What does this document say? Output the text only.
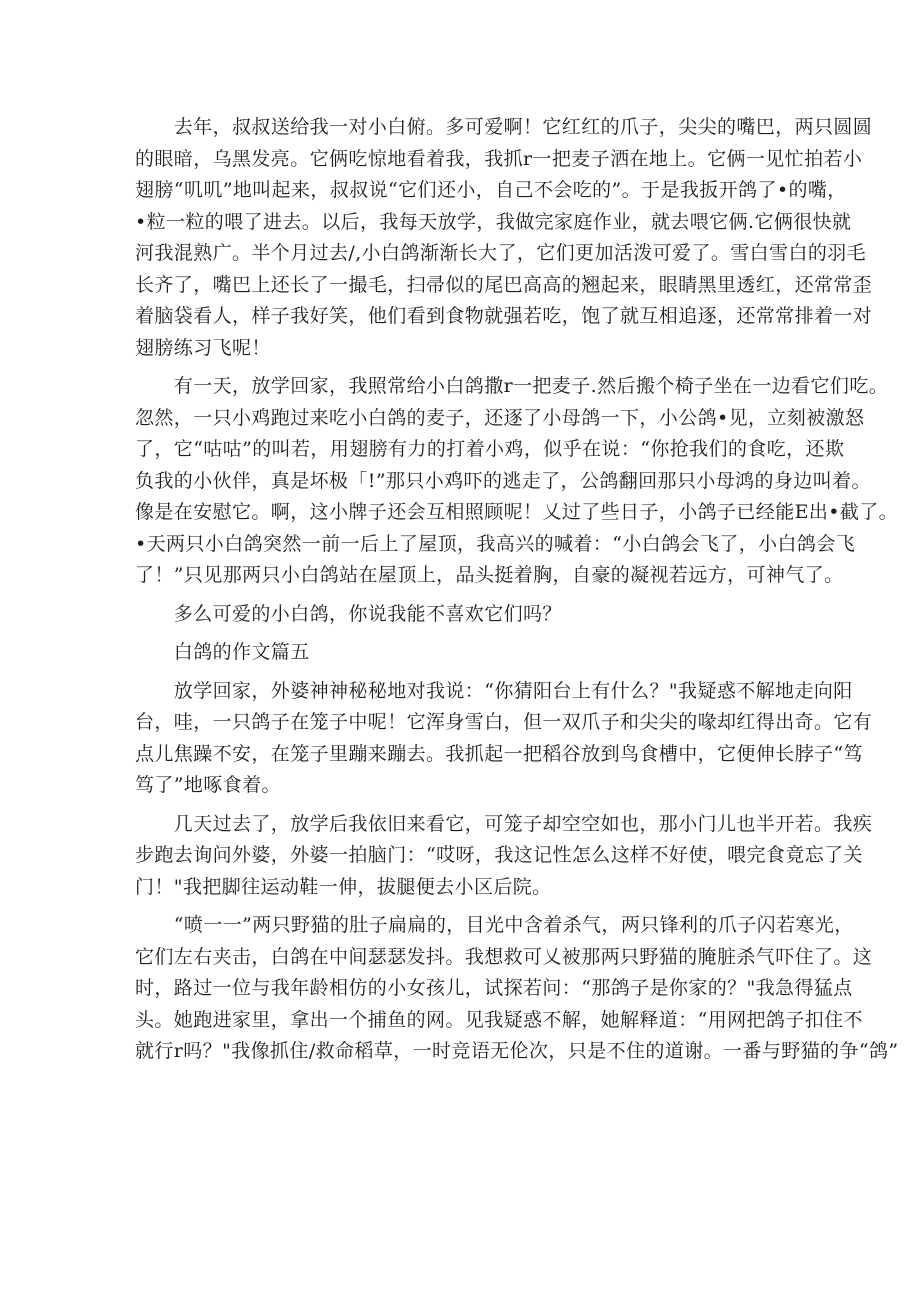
　　去年，叔叔送给我一对小白俯。多可爱啊！它红红的爪子，尖尖的嘴巴，两只圆圆
的眼暗，乌黑发亮。它俩吃惊地看着我，我抓r一把麦子洒在地上。它俩一见忙拍若小
翅膀“叽叽”地叫起来，叔叔说“它们还小，自己不会吃的”。于是我扳开鸽了•的嘴，
•粒一粒的喂了进去。以后，我每天放学，我做完家庭作业，就去喂它俩.它俩很快就
河我混熟广。半个月过去/,小白鸽渐渐长大了，它们更加活泼可爱了。雪白雪白的羽毛
长齐了，嘴巴上还长了一撮毛，扫帚似的尾巴高高的翘起来，眼睛黑里透红，还常常歪
着脑袋看人，样子我好笑，他们看到食物就强若吃，饱了就互相追逐，还常常排着一对
翅膀练习飞呢！
　　有一天，放学回家，我照常给小白鸽撒r一把麦子.然后搬个椅子坐在一边看它们吃。
忽然，一只小鸡跑过来吃小白鸽的麦子，还逐了小母鸽一下，小公鸽•见，立刻被激怒
了，它“咕咕”的叫若，用翅膀有力的打着小鸡，似乎在说：“你抢我们的食吃，还欺
负我的小伙伴，真是坏极「!”那只小鸡吓的逃走了，公鸽翻回那只小母鸿的身边叫着。
像是在安慰它。啊，这小牌子还会互相照顾呢！乂过了些日子，小鸽子已经能E出•截了。
•天两只小白鸽突然一前一后上了屋顶，我高兴的喊着：“小白鸽会飞了，小白鸽会飞
了！”只见那两只小白鸽站在屋顶上，品头挺着胸，自豪的凝视若远方，可神气了。
　　多么可爱的小白鸽，你说我能不喜欢它们吗？
　　白鸽的作文篇五
　　放学回家，外婆神神秘秘地对我说：“你猜阳台上有什么？"我疑惑不解地走向阳
台，哇，一只鸽子在笼子中呢！它浑身雪白，但一双爪子和尖尖的喙却红得出奇。它有
点儿焦躁不安，在笼子里蹦来蹦去。我抓起一把稻谷放到鸟食槽中，它便伸长脖子“笃
笃了”地啄食着。
　　几天过去了，放学后我依旧来看它，可笼子却空空如也，那小门儿也半开若。我疾
步跑去询问外婆，外婆一拍脑门：“哎呀，我这记性怎么这样不好使，喂完食竟忘了关
门！"我把脚往运动鞋一伸，拔腿便去小区后院。
　　“喷一一”两只野猫的肚子扁扁的，目光中含着杀气，两只锋利的爪子闪若寒光，
它们左右夹击，白鸽在中间瑟瑟发抖。我想救可乂被那两只野猫的腌脏杀气吓住了。这
时，路过一位与我年龄相仿的小女孩儿，试探若问：“那鸽子是你家的？"我急得猛点
头。她跑进家里，拿出一个捕鱼的网。见我疑惑不解，她解释道：“用网把鸽子扣住不
就行r吗？"我像抓住/救命稻草，一时竞语无伦次，只是不住的道谢。一番与野猫的争“鸽”
